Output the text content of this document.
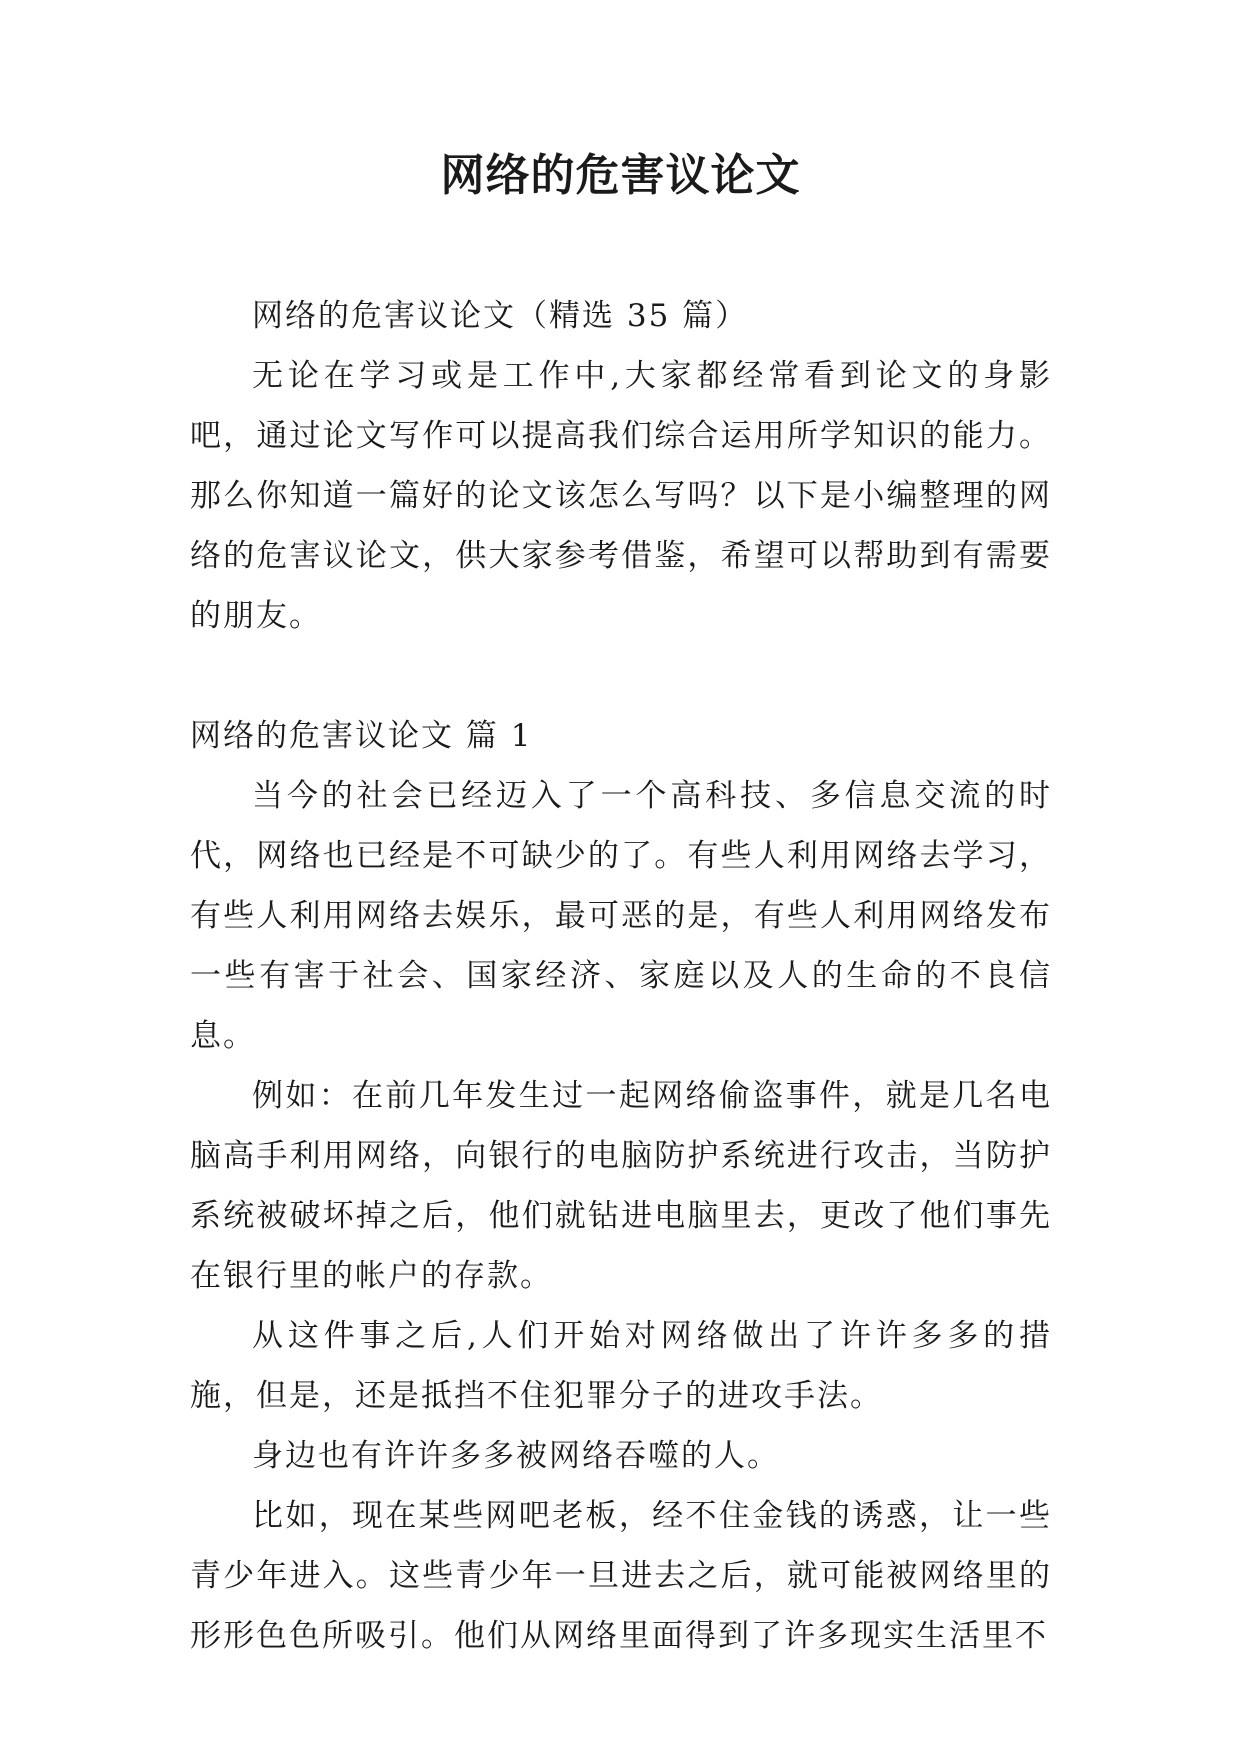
网络的危害议论文

网络的危害议论文（精选 35 篇）

无论在学习或是工作中,大家都经常看到论文的身影吧，通过论文写作可以提高我们综合运用所学知识的能力。那么你知道一篇好的论文该怎么写吗？以下是小编整理的网络的危害议论文，供大家参考借鉴，希望可以帮助到有需要的朋友。

网络的危害议论文 篇 1

当今的社会已经迈入了一个高科技、多信息交流的时代，网络也已经是不可缺少的了。有些人利用网络去学习，有些人利用网络去娱乐，最可恶的是，有些人利用网络发布一些有害于社会、国家经济、家庭以及人的生命的不良信息。

例如：在前几年发生过一起网络偷盗事件，就是几名电脑高手利用网络，向银行的电脑防护系统进行攻击，当防护系统被破坏掉之后，他们就钻进电脑里去，更改了他们事先在银行里的帐户的存款。

从这件事之后,人们开始对网络做出了许许多多的措施，但是，还是抵挡不住犯罪分子的进攻手法。

身边也有许许多多被网络吞噬的人。

比如，现在某些网吧老板，经不住金钱的诱惑，让一些青少年进入。这些青少年一旦进去之后，就可能被网络里的形形色色所吸引。他们从网络里面得到了许多现实生活里不
